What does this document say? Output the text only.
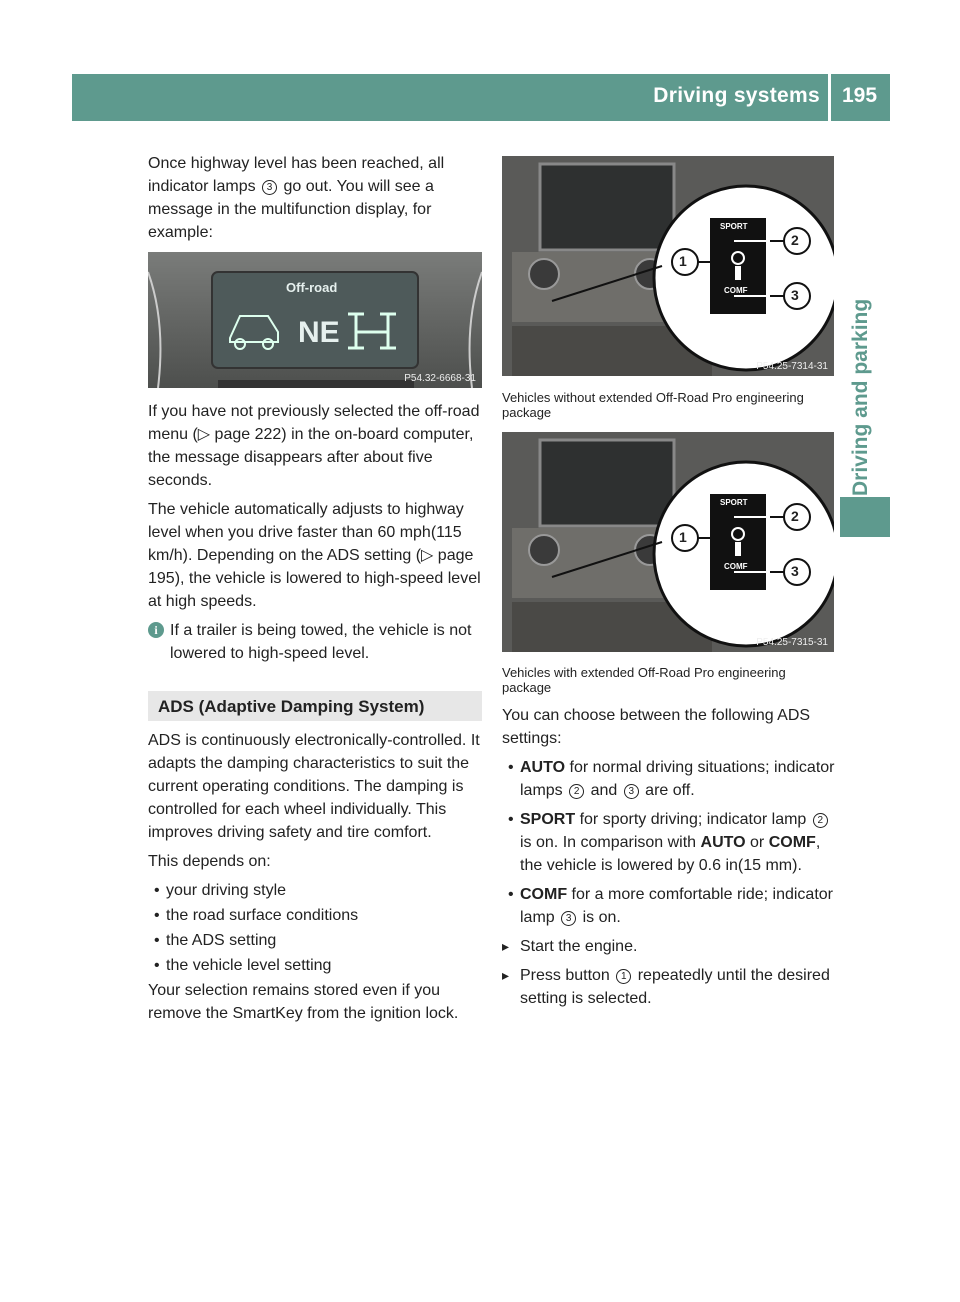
Driving systems 195
Driving and parking

Once highway level has been reached, all indicator lamps 3 go out. You will see a message in the multifunction display, for example:

Off-road
NE
P54.32-6668-31

If you have not previously selected the off-road menu (▷ page 222) in the on-board computer, the message disappears after about five seconds.

The vehicle automatically adjusts to highway level when you drive faster than 60 mph(115 km/h). Depending on the ADS setting (▷ page 195), the vehicle is lowered to high-speed level at high speeds.

i If a trailer is being towed, the vehicle is not lowered to high-speed level.
ADS (Adaptive Damping System)

ADS is continuously electronically-controlled. It adapts the damping characteristics to suit the current operating conditions. The damping is controlled for each wheel individually. This improves driving safety and tire comfort.

This depends on:

• your driving style
• the road surface conditions
• the ADS setting
• the vehicle level setting

Your selection remains stored even if you remove the SmartKey from the ignition lock.

SPORT
COMF
1
2
3
P54.25-7314-31
Vehicles without extended Off-Road Pro engineering package
SPORT
COMF
1
2
3
P54.25-7315-31
Vehicles with extended Off-Road Pro engineering package

You can choose between the following ADS settings:

• AUTO for normal driving situations; indicator lamps 2 and 3 are off.
• SPORT for sporty driving; indicator lamp 2 is on. In comparison with AUTO or COMF, the vehicle is lowered by 0.6 in(15 mm).
• COMF for a more comfortable ride; indicator lamp 3 is on.
▸ Start the engine.
▸ Press button 1 repeatedly until the desired setting is selected.
